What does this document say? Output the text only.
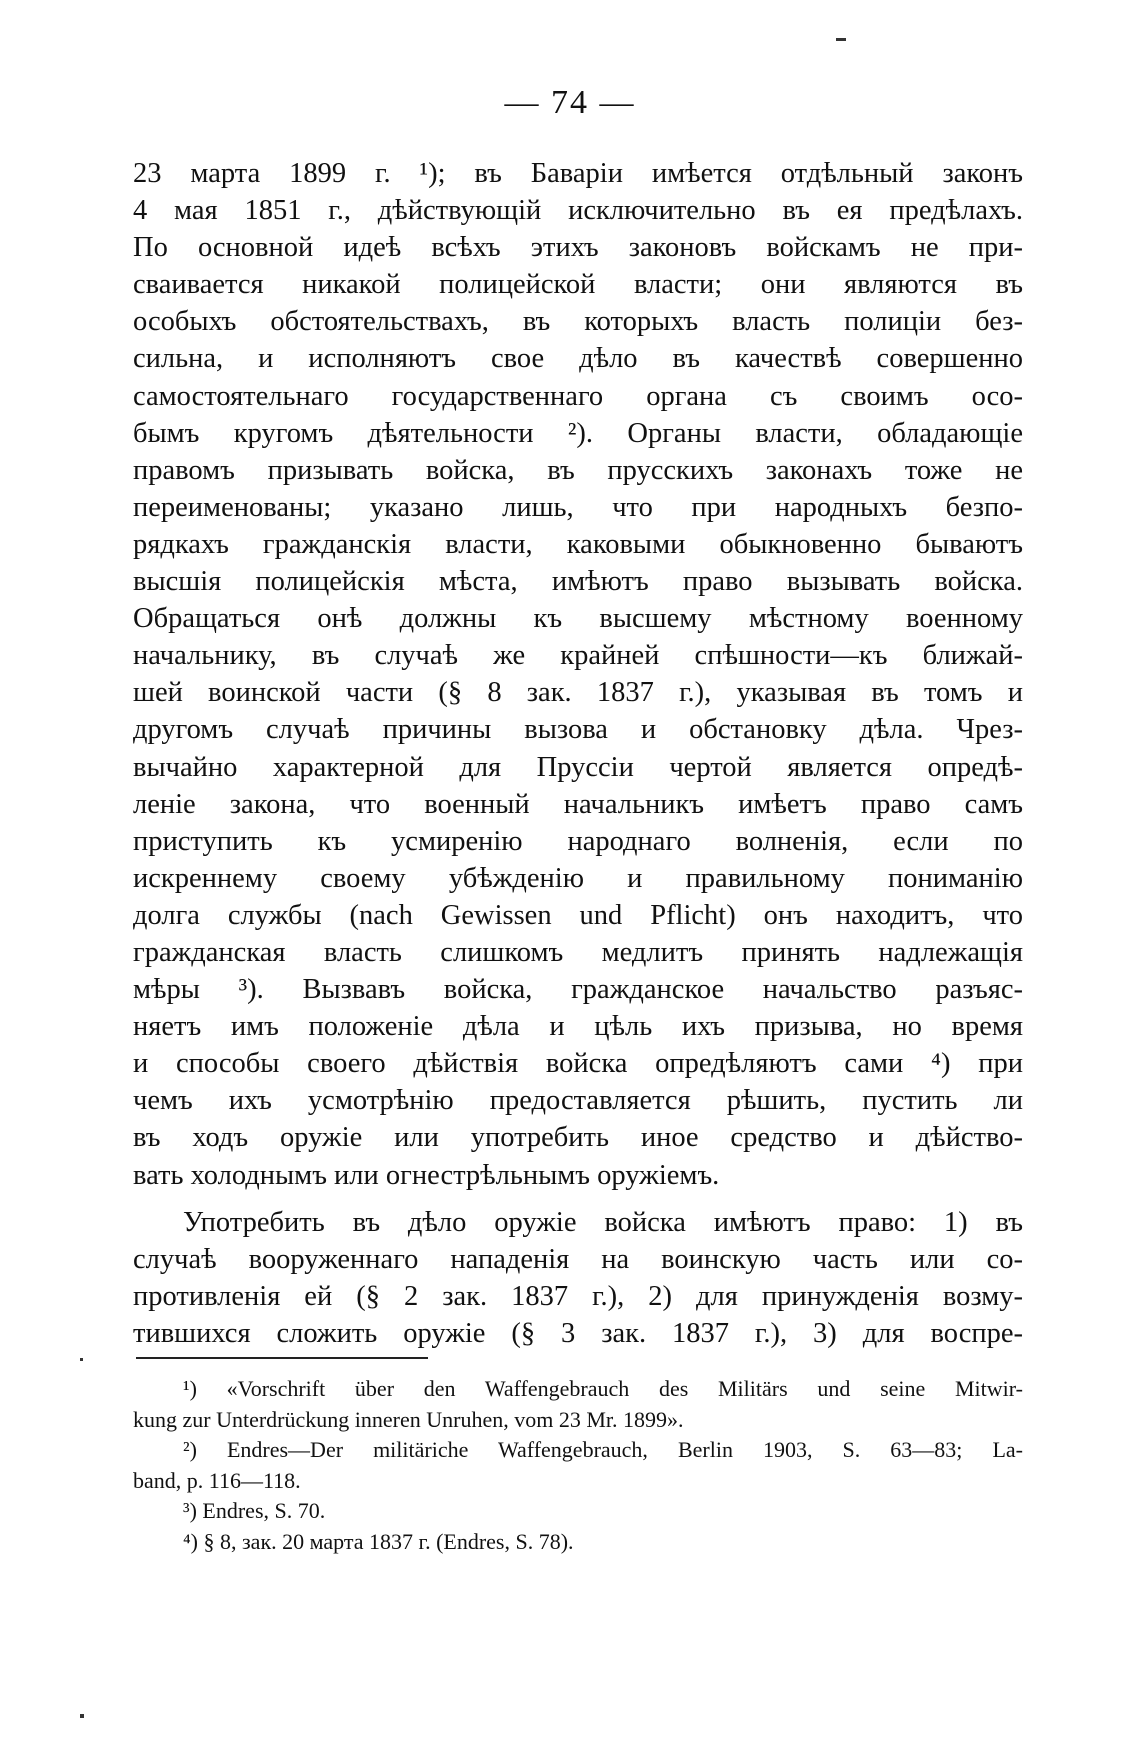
— 74 —
23 марта 1899 г. ¹); въ Баваріи имѣется отдѣльный законъ
4 мая 1851 г., дѣйствующій исключительно въ ея предѣлахъ.
По основной идеѣ всѣхъ этихъ законовъ войскамъ не при-
сваивается никакой полицейской власти; они являются въ
особыхъ обстоятельствахъ, въ которыхъ власть полиціи без-
сильна, и исполняютъ свое дѣло въ качествѣ совершенно
самостоятельнаго государственнаго органа съ своимъ осо-
бымъ кругомъ дѣятельности ²). Органы власти, обладающіе
правомъ призывать войска, въ прусскихъ законахъ тоже не
переименованы; указано лишь, что при народныхъ безпо-
рядкахъ гражданскія власти, каковыми обыкновенно бываютъ
высшія полицейскія мѣста, имѣютъ право вызывать войска.
Обращаться онѣ должны къ высшему мѣстному военному
начальнику, въ случаѣ же крайней спѣшности—къ ближай-
шей воинской части (§ 8 зак. 1837 г.), указывая въ томъ и
другомъ случаѣ причины вызова и обстановку дѣла. Чрез-
вычайно характерной для Пруссіи чертой является опредѣ-
леніе закона, что военный начальникъ имѣетъ право самъ
приступить къ усмиренію народнаго волненія, если по
искреннему своему убѣжденію и правильному пониманію
долга службы (nach Gewissen und Pflicht) онъ находитъ, что
гражданская власть слишкомъ медлитъ принять надлежащія
мѣры ³). Вызвавъ войска, гражданское начальство разъяс-
няетъ имъ положеніе дѣла и цѣль ихъ призыва, но время
и способы своего дѣйствія войска опредѣляютъ сами ⁴) при
чемъ ихъ усмотрѣнію предоставляется рѣшить, пустить ли
въ ходъ оружіе или употребить иное средство и дѣйство-
вать холоднымъ или огнестрѣльнымъ оружіемъ.
Употребить въ дѣло оружіе войска имѣютъ право: 1) въ
случаѣ вооруженнаго нападенія на воинскую часть или со-
противленія ей (§ 2 зак. 1837 г.), 2) для принужденія возму-
тившихся сложить оружіе (§ 3 зак. 1837 г.), 3) для воспре-
¹) «Vorschrift über den Waffengebrauch des Militärs und seine Mitwir-
kung zur Unterdrückung inneren Unruhen, vom 23 Mr. 1899».
²) Endres—Der militäriche Waffengebrauch, Berlin 1903, S. 63—83; La-
band, p. 116—118.
³) Endres, S. 70.
⁴) § 8, зак. 20 марта 1837 г. (Endres, S. 78).
